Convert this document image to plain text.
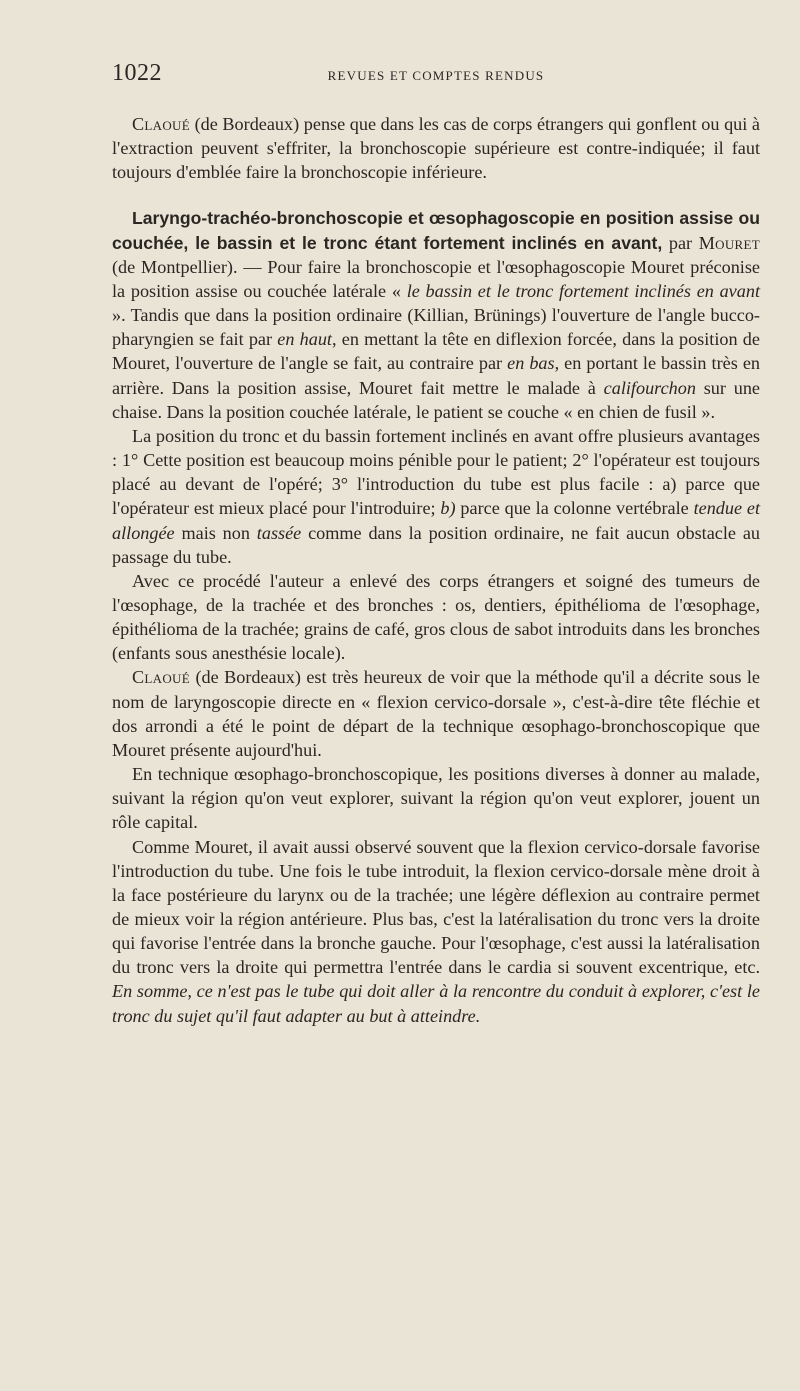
1022	REVUES ET COMPTES RENDUS

Claoué (de Bordeaux) pense que dans les cas de corps étrangers qui gonflent ou qui à l'extraction peuvent s'effriter, la bronchoscopie supérieure est contre-indiquée; il faut toujours d'emblée faire la bronchoscopie inférieure.

Laryngo-trachéo-bronchoscopie et œsophagoscopie en position assise ou couchée, le bassin et le tronc étant fortement inclinés en avant, par Mouret (de Montpellier). — Pour faire la bronchoscopie et l'œsophagoscopie Mouret préconise la position assise ou couchée latérale « le bassin et le tronc fortement inclinés en avant ». Tandis que dans la position ordinaire (Killian, Brünings) l'ouverture de l'angle bucco-pharyngien se fait par en haut, en mettant la tête en diflexion forcée, dans la position de Mouret, l'ouverture de l'angle se fait, au contraire par en bas, en portant le bassin très en arrière. Dans la position assise, Mouret fait mettre le malade à califourchon sur une chaise. Dans la position couchée latérale, le patient se couche « en chien de fusil ».

La position du tronc et du bassin fortement inclinés en avant offre plusieurs avantages : 1° Cette position est beaucoup moins pénible pour le patient; 2° l'opérateur est toujours placé au devant de l'opéré; 3° l'introduction du tube est plus facile : a) parce que l'opérateur est mieux placé pour l'introduire; b) parce que la colonne vertébrale tendue et allongée mais non tassée comme dans la position ordinaire, ne fait aucun obstacle au passage du tube.

Avec ce procédé l'auteur a enlevé des corps étrangers et soigné des tumeurs de l'œsophage, de la trachée et des bronches : os, dentiers, épithélioma de l'œsophage, épithélioma de la trachée; grains de café, gros clous de sabot introduits dans les bronches (enfants sous anesthésie locale).

Claoué (de Bordeaux) est très heureux de voir que la méthode qu'il a décrite sous le nom de laryngoscopie directe en « flexion cervico-dorsale », c'est-à-dire tête fléchie et dos arrondi a été le point de départ de la technique œsophago-bronchoscopique que Mouret présente aujourd'hui.

En technique œsophago-bronchoscopique, les positions diverses à donner au malade, suivant la région qu'on veut explorer, suivant la région qu'on veut explorer, jouent un rôle capital.

Comme Mouret, il avait aussi observé souvent que la flexion cervico-dorsale favorise l'introduction du tube. Une fois le tube introduit, la flexion cervico-dorsale mène droit à la face postérieure du larynx ou de la trachée; une légère déflexion au contraire permet de mieux voir la région antérieure. Plus bas, c'est la latéralisation du tronc vers la droite qui favorise l'entrée dans la bronche gauche. Pour l'œsophage, c'est aussi la latéralisation du tronc vers la droite qui permettra l'entrée dans le cardia si souvent excentrique, etc. En somme, ce n'est pas le tube qui doit aller à la rencontre du conduit à explorer, c'est le tronc du sujet qu'il faut adapter au but à atteindre.
